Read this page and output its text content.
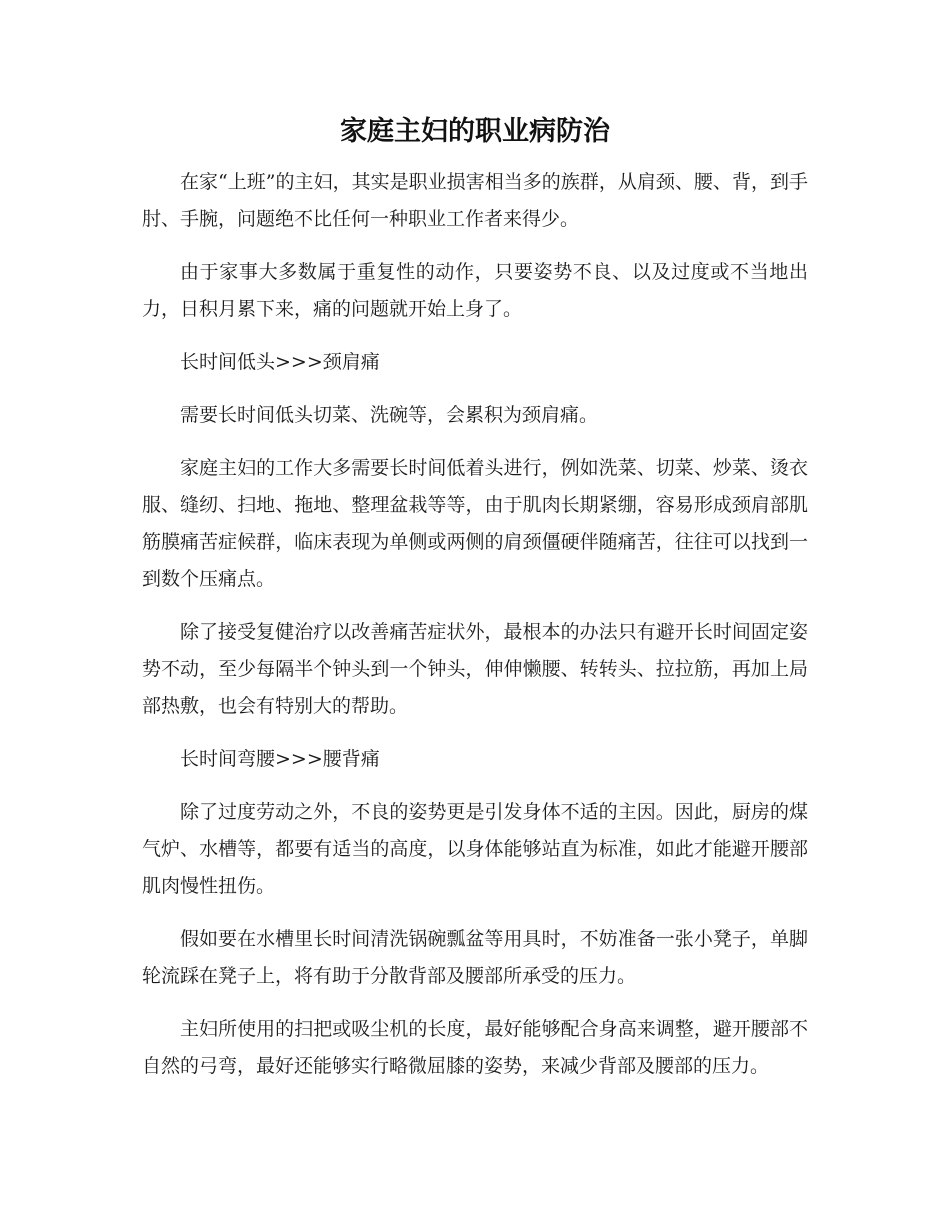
家庭主妇的职业病防治

在家“上班”的主妇，其实是职业损害相当多的族群，从肩颈、腰、背，到手肘、手腕，问题绝不比任何一种职业工作者来得少。

由于家事大多数属于重复性的动作，只要姿势不良、以及过度或不当地出力，日积月累下来，痛的问题就开始上身了。

长时间低头>>>颈肩痛

需要长时间低头切菜、洗碗等，会累积为颈肩痛。

家庭主妇的工作大多需要长时间低着头进行，例如洗菜、切菜、炒菜、烫衣服、缝纫、扫地、拖地、整理盆栽等等，由于肌肉长期紧绷，容易形成颈肩部肌筋膜痛苦症候群，临床表现为单侧或两侧的肩颈僵硬伴随痛苦，往往可以找到一到数个压痛点。

除了接受复健治疗以改善痛苦症状外，最根本的办法只有避开长时间固定姿势不动，至少每隔半个钟头到一个钟头，伸伸懒腰、转转头、拉拉筋，再加上局部热敷，也会有特别大的帮助。

长时间弯腰>>>腰背痛

除了过度劳动之外，不良的姿势更是引发身体不适的主因。因此，厨房的煤气炉、水槽等，都要有适当的高度，以身体能够站直为标准，如此才能避开腰部肌肉慢性扭伤。

假如要在水槽里长时间清洗锅碗瓢盆等用具时，不妨准备一张小凳子，单脚轮流踩在凳子上，将有助于分散背部及腰部所承受的压力。

主妇所使用的扫把或吸尘机的长度，最好能够配合身高来调整，避开腰部不自然的弓弯，最好还能够实行略微屈膝的姿势，来减少背部及腰部的压力。
